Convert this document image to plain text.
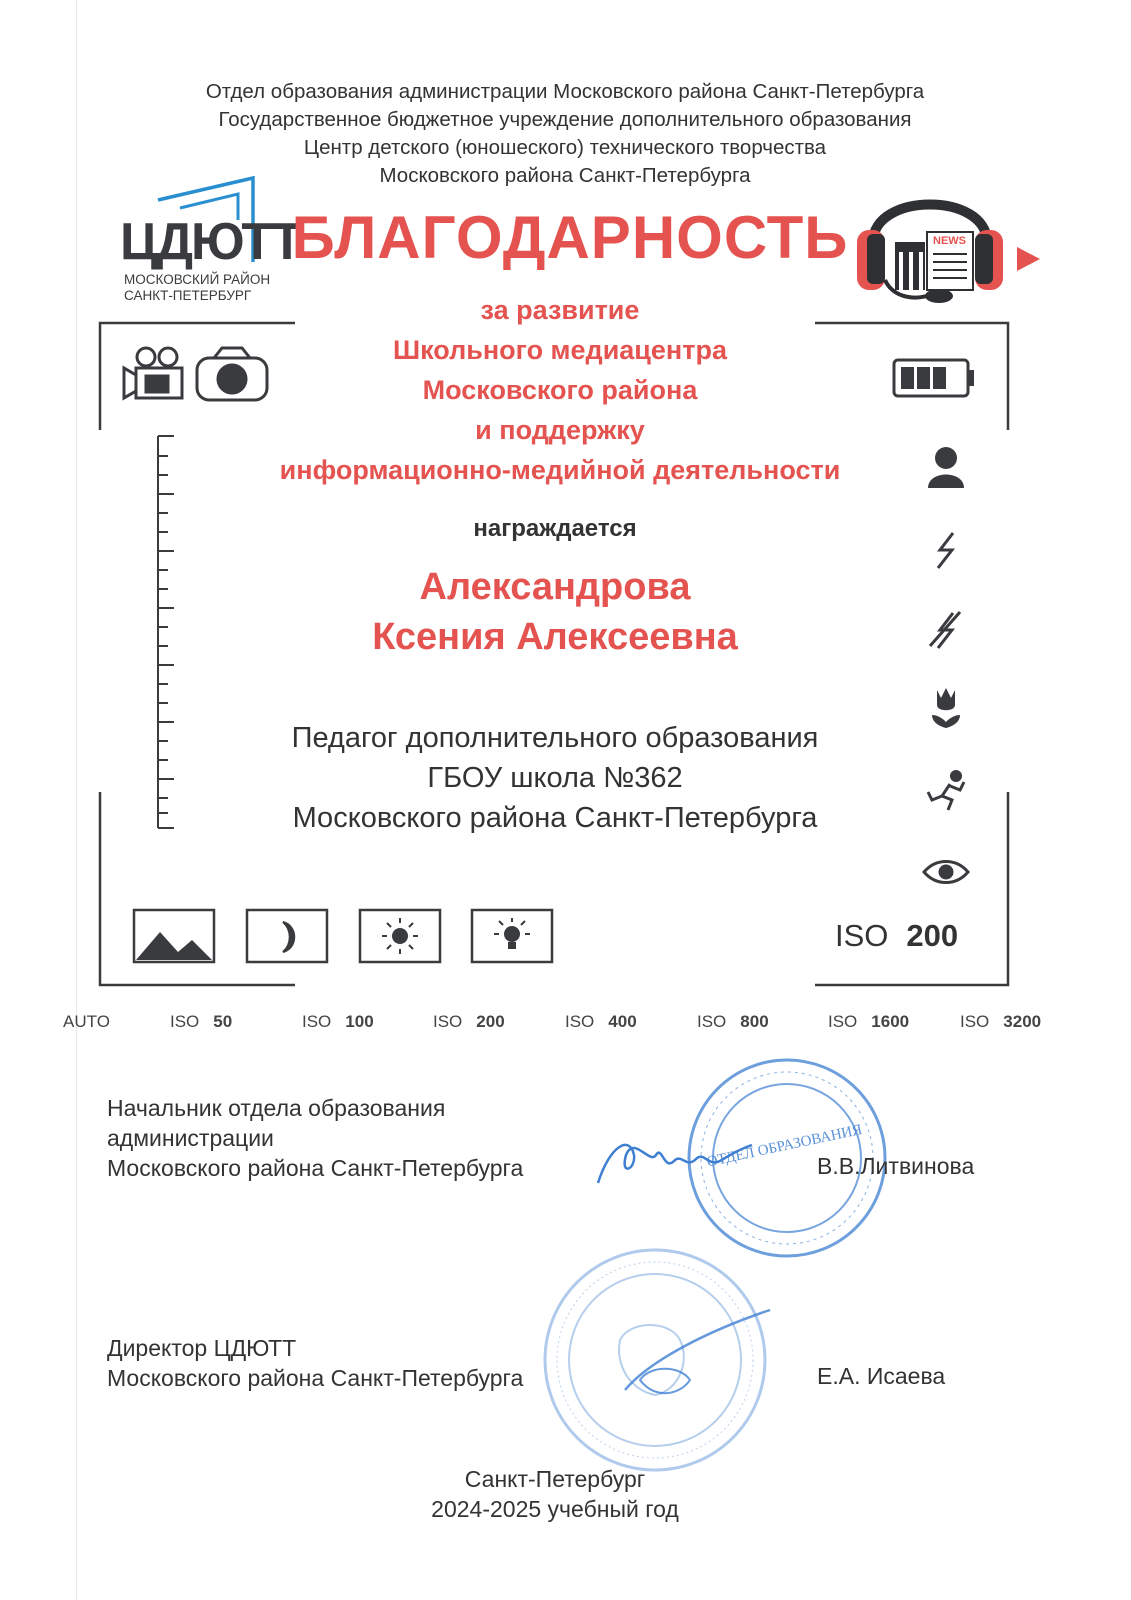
Отдел образования администрации Московского района Санкт-Петербурга
Государственное бюджетное учреждение дополнительного образования
Центр детского (юношеского) технического творчества
Московского района Санкт-Петербурга
ЦДЮТТ
МОСКОВСКИЙ РАЙОН
САНКТ-ПЕТЕРБУРГ
БЛАГОДАРНОСТЬ	NEWS
за развитие
Школьного медиацентра
Московского района
и поддержку
информационно-медийной деятельности
награждается
Александрова
Ксения Алексеевна
Педагог дополнительного образования
ГБОУ школа №362
Московского района Санкт-Петербурга
ISO 200
AUTO	ISO 50	ISO 100	ISO 200	ISO 400	ISO 800	ISO 1600	ISO 3200
ОТДЕЛ ОБРАЗОВАНИЯ
Начальник отдела образования
администрации
Московского района Санкт-Петербурга	В.В.Литвинова
Директор ЦДЮТТ
Московского района Санкт-Петербурга	Е.А. Исаева
Санкт-Петербург
2024-2025 учебный год
